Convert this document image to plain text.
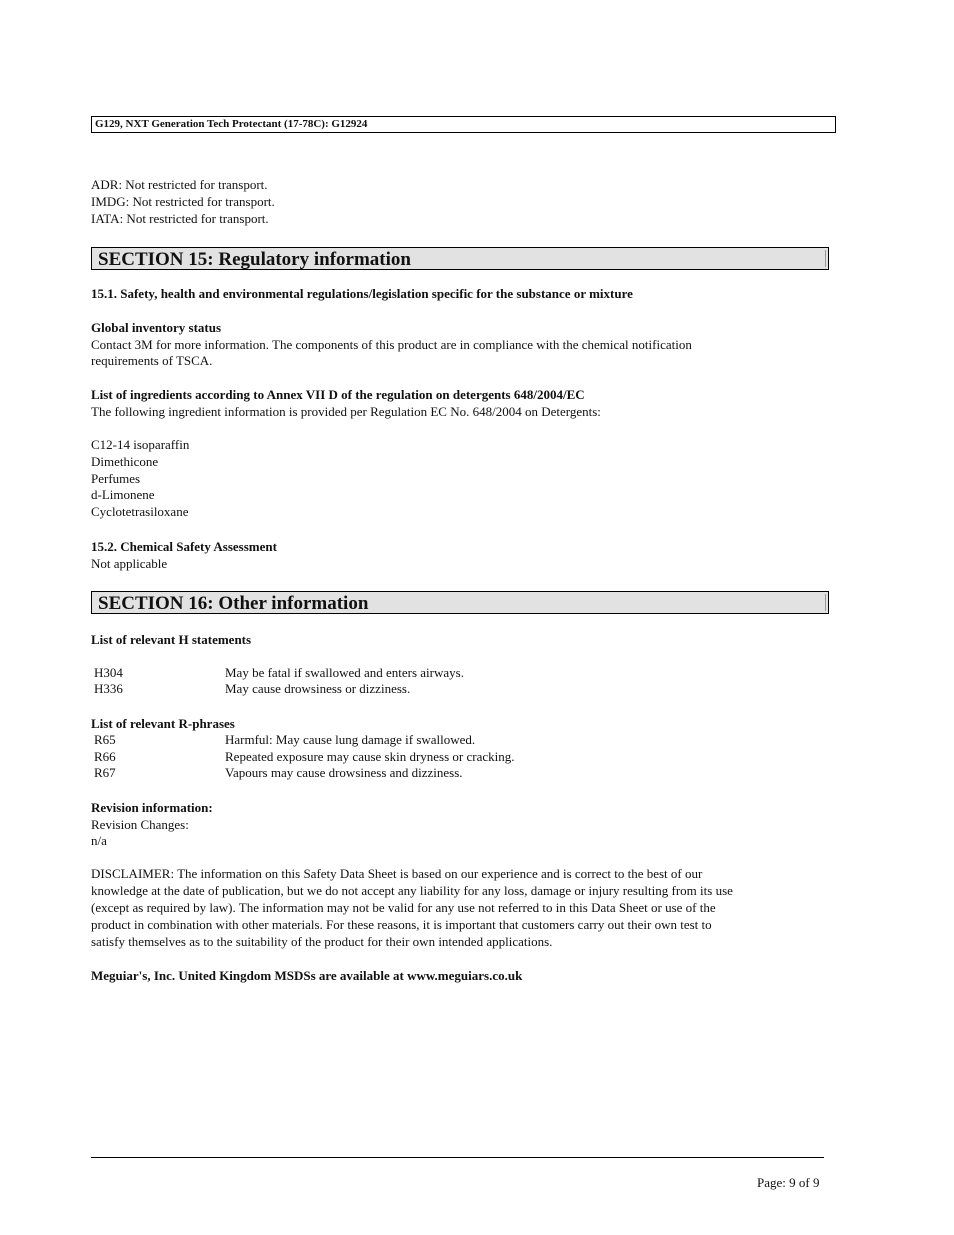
G129, NXT Generation Tech Protectant (17-78C): G12924
ADR: Not restricted for transport.
IMDG: Not restricted for transport.
IATA: Not restricted for transport.
SECTION 15: Regulatory information
15.1. Safety, health and environmental regulations/legislation specific for the substance or mixture
Global inventory status
Contact 3M for more information. The components of this product are in compliance with the chemical notification
requirements of TSCA.
List of ingredients according to Annex VII D of the regulation on detergents 648/2004/EC
The following ingredient information is provided per Regulation EC No. 648/2004 on Detergents:
C12-14 isoparaffin
Dimethicone
Perfumes
d-Limonene
Cyclotetrasiloxane
15.2. Chemical Safety Assessment
Not applicable
SECTION 16: Other information
List of relevant H statements
H304	May be fatal if swallowed and enters airways.
H336	May cause drowsiness or dizziness.
List of relevant R-phrases
R65	Harmful: May cause lung damage if swallowed.
R66	Repeated exposure may cause skin dryness or cracking.
R67	Vapours may cause drowsiness and dizziness.
Revision information:
Revision Changes:
n/a
DISCLAIMER: The information on this Safety Data Sheet is based on our experience and is correct to the best of our
knowledge at the date of publication, but we do not accept any liability for any loss, damage or injury resulting from its use
(except as required by law). The information may not be valid for any use not referred to in this Data Sheet or use of the
product in combination with other materials. For these reasons, it is important that customers carry out their own test to
satisfy themselves as to the suitability of the product for their own intended applications.
Meguiar's, Inc. United Kingdom MSDSs are available at www.meguiars.co.uk
Page: 9 of 9
